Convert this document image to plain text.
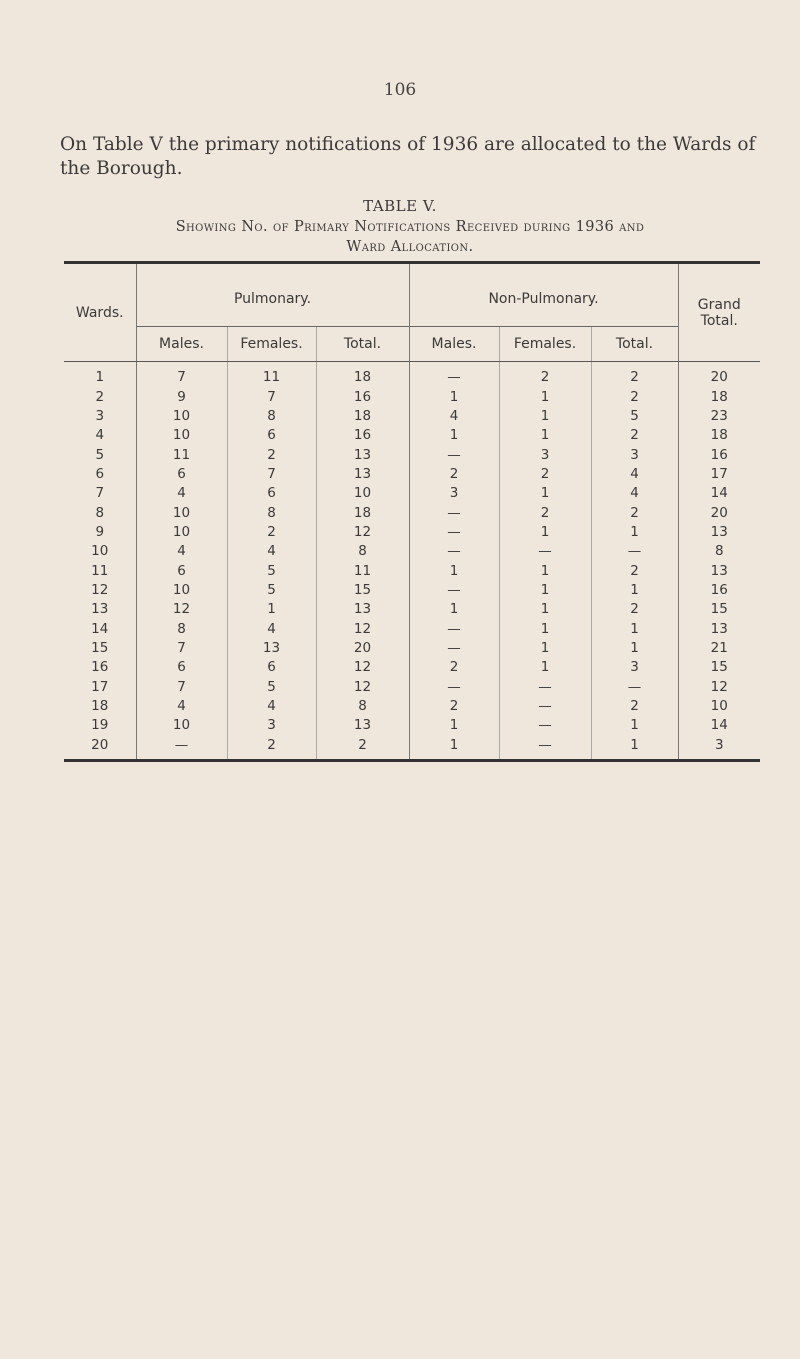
106
On Table V the primary notifications of 1936 are allocated to the Wards of the Borough.
TABLE V.
Showing No. of Primary Notifications Received during 1936 and
Ward Allocation.
Wards.	Pulmonary.			Non-Pulmonary.			Grand
Total.
	Males.	Females.	Total.	Males.	Females.	Total.	
1	7	11	18	—	2	2	20
2	9	7	16	1	1	2	18
3	10	8	18	4	1	5	23
4	10	6	16	1	1	2	18
5	11	2	13	—	3	3	16
6	6	7	13	2	2	4	17
7	4	6	10	3	1	4	14
8	10	8	18	—	2	2	20
9	10	2	12	—	1	1	13
10	4	4	8	—	—	—	8
11	6	5	11	1	1	2	13
12	10	5	15	—	1	1	16
13	12	1	13	1	1	2	15
14	8	4	12	—	1	1	13
15	7	13	20	—	1	1	21
16	6	6	12	2	1	3	15
17	7	5	12	—	—	—	12
18	4	4	8	2	—	2	10
19	10	3	13	1	—	1	14
20	—	2	2	1	—	1	3
